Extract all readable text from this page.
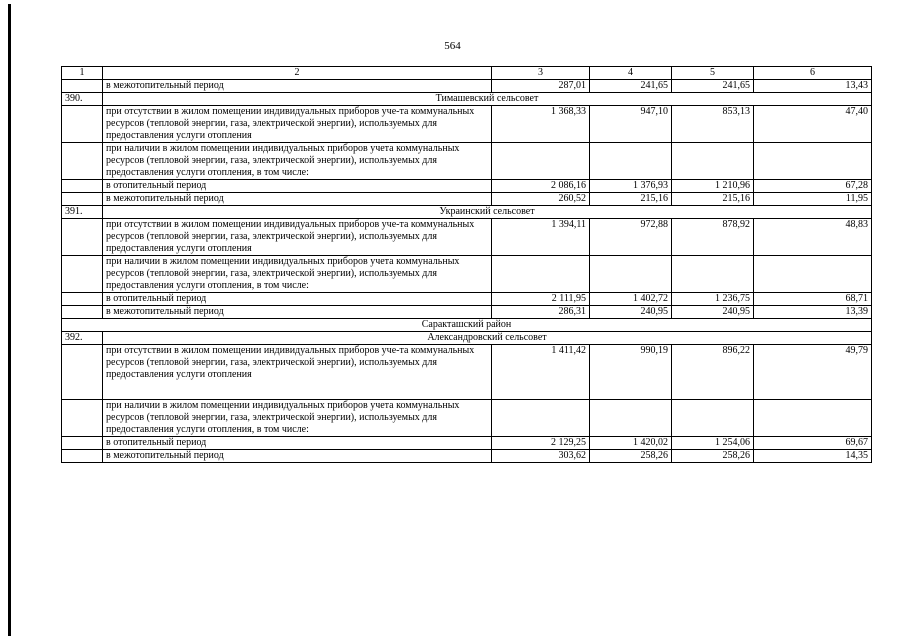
564
1	2	3	4	5	6
	в межотопительный период	287,01	241,65	241,65	13,43
390.	Тимашевский сельсовет				
	при отсутствии в жилом помещении индивидуальных приборов уче-та коммунальных ресурсов (тепловой энергии, газа, электрической энергии), используемых для предоставления услуги отопления	1 368,33	947,10	853,13	47,40
	при наличии в жилом помещении индивидуальных приборов учета коммунальных ресурсов (тепловой энергии, газа, электрической энергии), используемых для предоставления услуги отопления, в том числе:				
	в отопительный период	2 086,16	1 376,93	1 210,96	67,28
	в межотопительный период	260,52	215,16	215,16	11,95
391.	Украинский сельсовет				
	при отсутствии в жилом помещении индивидуальных приборов уче-та коммунальных ресурсов (тепловой энергии, газа, электрической энергии), используемых для предоставления услуги отопления	1 394,11	972,88	878,92	48,83
	при наличии в жилом помещении индивидуальных приборов учета коммунальных ресурсов (тепловой энергии, газа, электрической энергии), используемых для предоставления услуги отопления, в том числе:				
	в отопительный период	2 111,95	1 402,72	1 236,75	68,71
	в межотопительный период	286,31	240,95	240,95	13,39
Саракташский район					
392.	Александровский сельсовет				
	при отсутствии в жилом помещении индивидуальных приборов уче-та коммунальных ресурсов (тепловой энергии, газа, электрической энергии), используемых для предоставления услуги отопления	1 411,42	990,19	896,22	49,79
	при наличии в жилом помещении индивидуальных приборов учета коммунальных ресурсов (тепловой энергии, газа, электрической энергии), используемых для предоставления услуги отопления, в том числе:				
	в отопительный период	2 129,25	1 420,02	1 254,06	69,67
	в межотопительный период	303,62	258,26	258,26	14,35
